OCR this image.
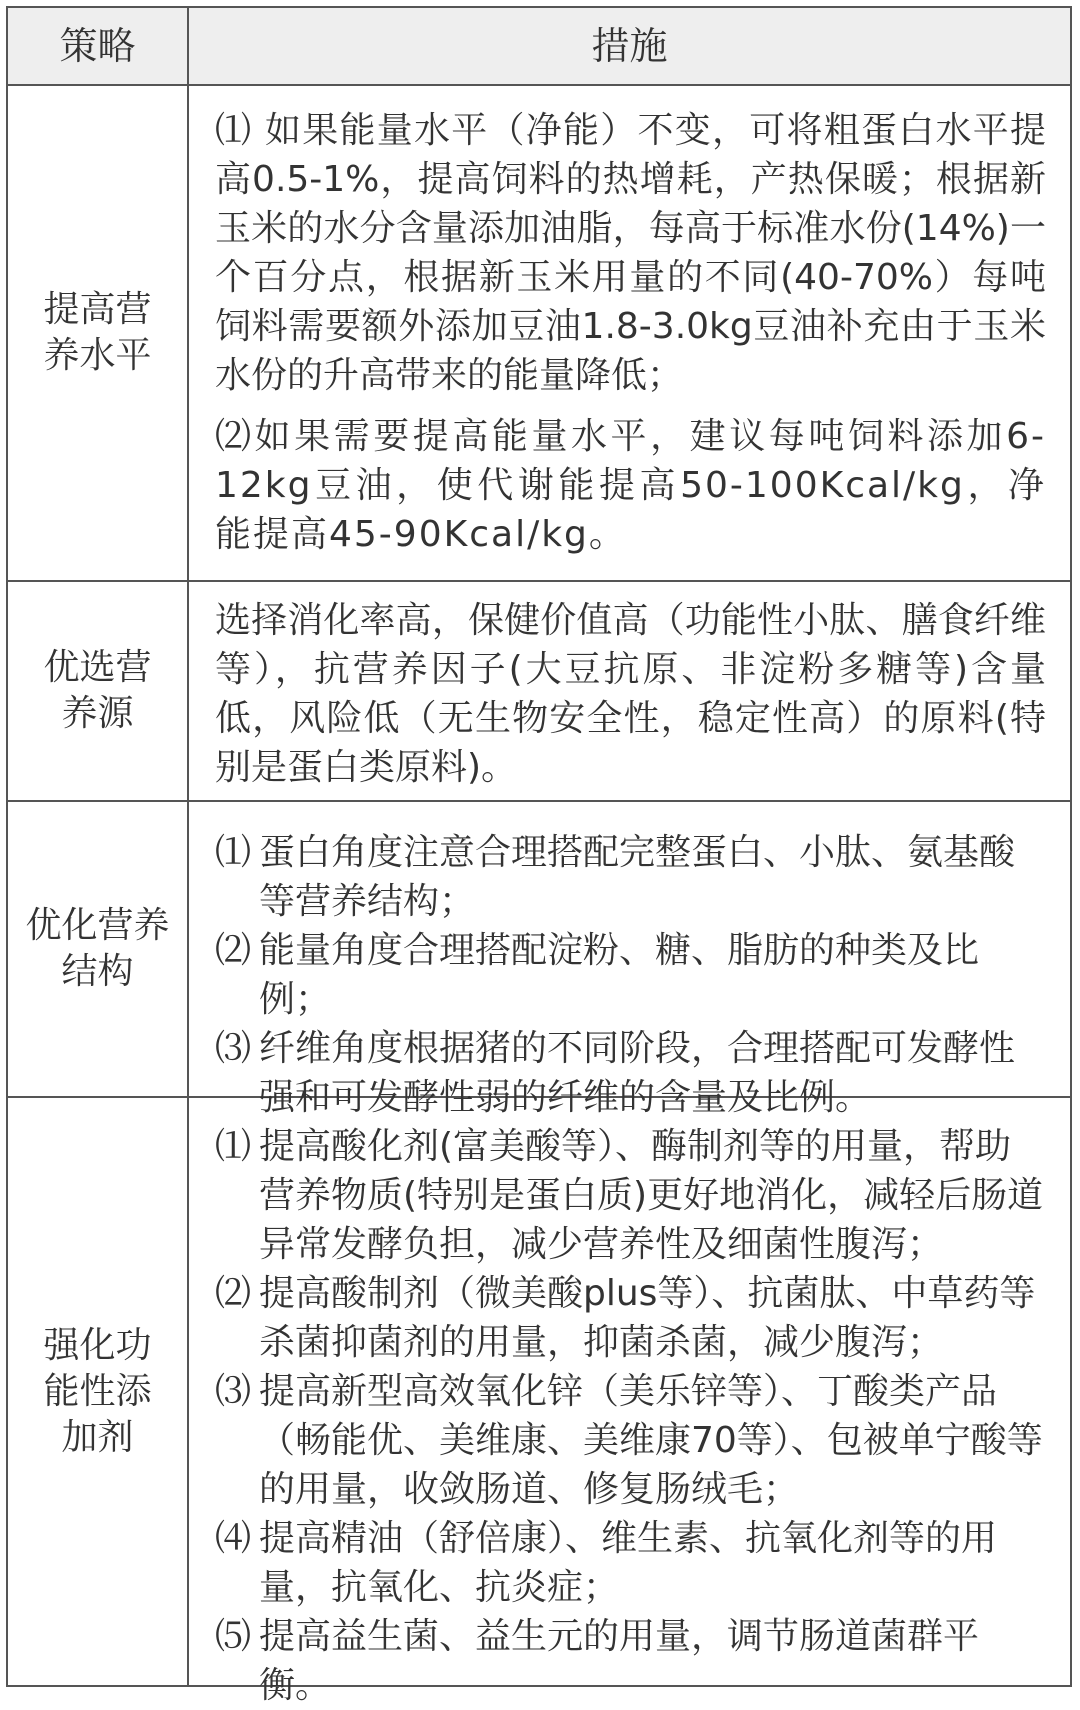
策略	措施
提高营养水平

⑴ 如果能量水平（净能）不变，可将粗蛋白水平提高0.5-1%，提高饲料的热增耗，产热保暖；根据新玉米的水分含量添加油脂，每高于标准水份(14%)一个百分点，根据新玉米用量的不同(40-70%）每吨饲料需要额外添加豆油1.8-3.0kg豆油补充由于玉米水份的升高带来的能量降低；

⑵如果需要提高能量水平，建议每吨饲料添加6-12kg豆油，使代谢能提高50-100Kcal/kg，净能提高45-90Kcal/kg。

优选营养源

选择消化率高，保健价值高（功能性小肽、膳食纤维等），抗营养因子(大豆抗原、非淀粉多糖等)含量低，风险低（无生物安全性，稳定性高）的原料(特别是蛋白类原料)。

优化营养结构
⑴ 蛋白角度注意合理搭配完整蛋白、小肽、氨基酸等营养结构；
⑵ 能量角度合理搭配淀粉、糖、脂肪的种类及比例；
⑶ 纤维角度根据猪的不同阶段，合理搭配可发酵性强和可发酵性弱的纤维的含量及比例。
强化功能性添加剂
⑴ 提高酸化剂(富美酸等）、酶制剂等的用量，帮助营养物质(特别是蛋白质)更好地消化，减轻后肠道异常发酵负担，减少营养性及细菌性腹泻；
⑵ 提高酸制剂（微美酸plus等）、抗菌肽、中草药等杀菌抑菌剂的用量，抑菌杀菌，减少腹泻；
⑶ 提高新型高效氧化锌（美乐锌等）、丁酸类产品（畅能优、美维康、美维康70等）、包被单宁酸等的用量，收敛肠道、修复肠绒毛；
⑷ 提高精油（舒倍康）、维生素、抗氧化剂等的用量，抗氧化、抗炎症；
⑸ 提高益生菌、益生元的用量，调节肠道菌群平衡。
